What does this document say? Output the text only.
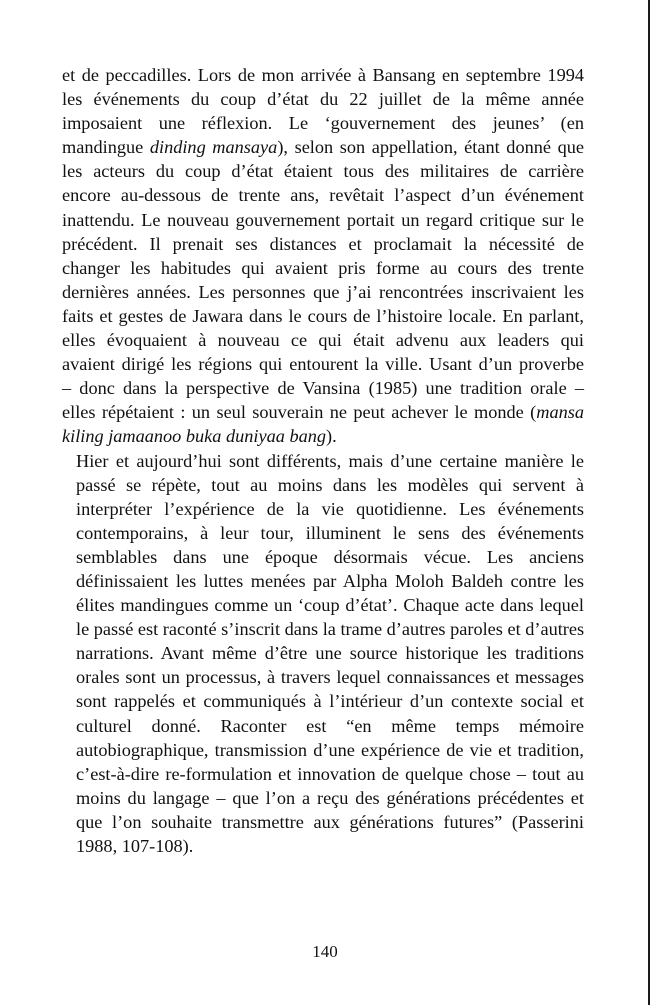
et de peccadilles. Lors de mon arrivée à Bansang en septembre 1994
les événements du coup d’état du 22 juillet de la même année
imposaient une réflexion. Le ‘gouvernement des jeunes’ (en
mandingue dinding mansaya), selon son appellation, étant donné que
les acteurs du coup d’état étaient tous des militaires de carrière
encore au-dessous de trente ans, revêtait l’aspect d’un événement
inattendu. Le nouveau gouvernement portait un regard critique sur le
précédent. Il prenait ses distances et proclamait la nécessité de
changer les habitudes qui avaient pris forme au cours des trente
dernières années. Les personnes que j’ai rencontrées inscrivaient les
faits et gestes de Jawara dans le cours de l’histoire locale. En parlant,
elles évoquaient à nouveau ce qui était advenu aux leaders qui
avaient dirigé les régions qui entourent la ville. Usant d’un proverbe
– donc dans la perspective de Vansina (1985) une tradition orale –
elles répétaient : un seul souverain ne peut achever le monde (mansa
kiling jamaanoo buka duniyaa bang).

Hier et aujourd’hui sont différents, mais d’une certaine manière le
passé se répète, tout au moins dans les modèles qui servent à
interpréter l’expérience de la vie quotidienne. Les événements
contemporains, à leur tour, illuminent le sens des événements
semblables dans une époque désormais vécue. Les anciens
définissaient les luttes menées par Alpha Moloh Baldeh contre les
élites mandingues comme un ‘coup d’état’. Chaque acte dans lequel
le passé est raconté s’inscrit dans la trame d’autres paroles et d’autres
narrations. Avant même d’être une source historique les traditions
orales sont un processus, à travers lequel connaissances et messages
sont rappelés et communiqués à l’intérieur d’un contexte social et
culturel donné. Raconter est “en même temps mémoire
autobiographique, transmission d’une expérience de vie et tradition,
c’est-à-dire re-formulation et innovation de quelque chose – tout au
moins du langage – que l’on a reçu des générations précédentes et
que l’on souhaite transmettre aux générations futures” (Passerini
1988, 107-108).

140
